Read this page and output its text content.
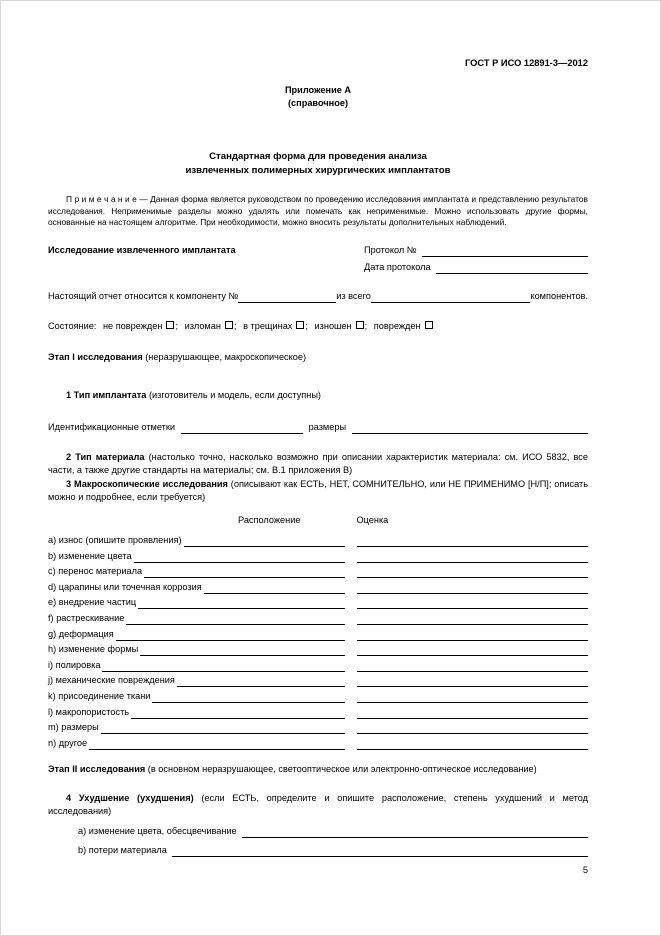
ГОСТ Р ИСО 12891-3—2012
Приложение А
(справочное)
Стандартная форма для проведения анализа
извлеченных полимерных хирургических имплантатов
П р и м е ч а н и е — Данная форма является руководством по проведению исследования имплантата и представлению результатов исследования. Неприменимые разделы можно удалять или помечать как неприменимые. Можно использовать другие формы, основанные на настоящем алгоритме. При необходимости, можно вносить результаты дополнительных наблюдений.
Исследование извлеченного имплантата	Протокол №
Дата протокола
Настоящий отчет относится к компоненту №	из всего	компонентов.
Состояние: не поврежден ; изломан ; в трещинах ; изношен ; поврежден
Этап I исследования (неразрушающее, макроскопическое)
1 Тип имплантата (изготовитель и модель, если доступны)
Идентификационные отметки	размеры
2 Тип материала (настолько точно, насколько возможно при описании характеристик материала: см. ИСО 5832, все части, а также другие стандарты на материалы; см. В.1 приложения В)
3 Макроскопические исследования (описывают как ЕСТЬ, НЕТ, СОМНИТЕЛЬНО, или НЕ ПРИМЕНИМО [Н/П]; описать можно и подробнее, если требуется)
Расположение	Оценка
a) износ (опишите проявления)
b) изменение цвета
c) перенос материала
d) царапины или точечная коррозия
e) внедрение частиц
f) растрескивание
g) деформация
h) изменение формы
i) полировка
j) механические повреждения
k) присоединение ткани
l) макропористость
m) размеры
n) другое
Этап II исследования (в основном неразрушающее, светооптическое или электронно-оптическое исследование)
4 Ухудшение (ухудшения) (если ЕСТЬ, определите и опишите расположение, степень ухудшений и метод исследования)
а)
изменение цвета, обесцвечивание
b)
потери материала
5
